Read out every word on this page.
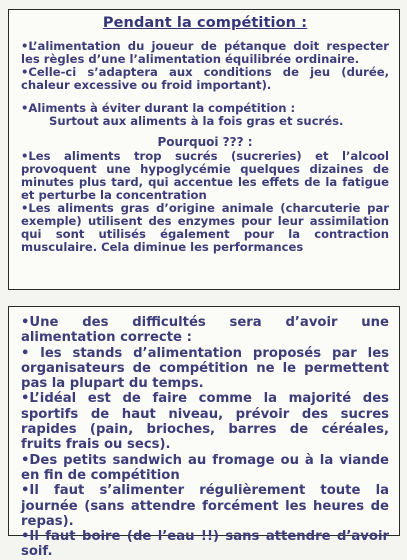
Pendant la compétition :

•L’alimentation du joueur de pétanque doit respecter les règles d’une l’alimentation équilibrée ordinaire.

•Celle-ci s’adaptera aux conditions de jeu (durée, chaleur excessive ou froid important).

•Aliments à éviter durant la compétition :

Surtout aux aliments à la fois gras et sucrés.

Pourquoi ??? :

•Les aliments trop sucrés (sucreries) et l’alcool provoquent une hypoglycémie quelques dizaines de minutes plus tard, qui accentue les effets de la fatigue et perturbe la concentration

•Les aliments gras d’origine animale (charcuterie par exemple) utilisent des enzymes pour leur assimilation qui sont utilisés également pour la contraction musculaire. Cela diminue les performances

•Une des difficultés sera d’avoir une alimentation correcte :

• les stands d’alimentation proposés par les organisateurs de compétition ne le permettent pas la plupart du temps.

•L’idéal est de faire comme la majorité des sportifs de haut niveau, prévoir des sucres rapides (pain, brioches, barres de céréales, fruits frais ou secs).

•Des petits sandwich au fromage ou à la viande en fin de compétition

•Il faut s’alimenter régulièrement toute la journée (sans attendre forcément les heures de repas).

•Il faut boire (de l’eau !!) sans attendre d’avoir soif.
